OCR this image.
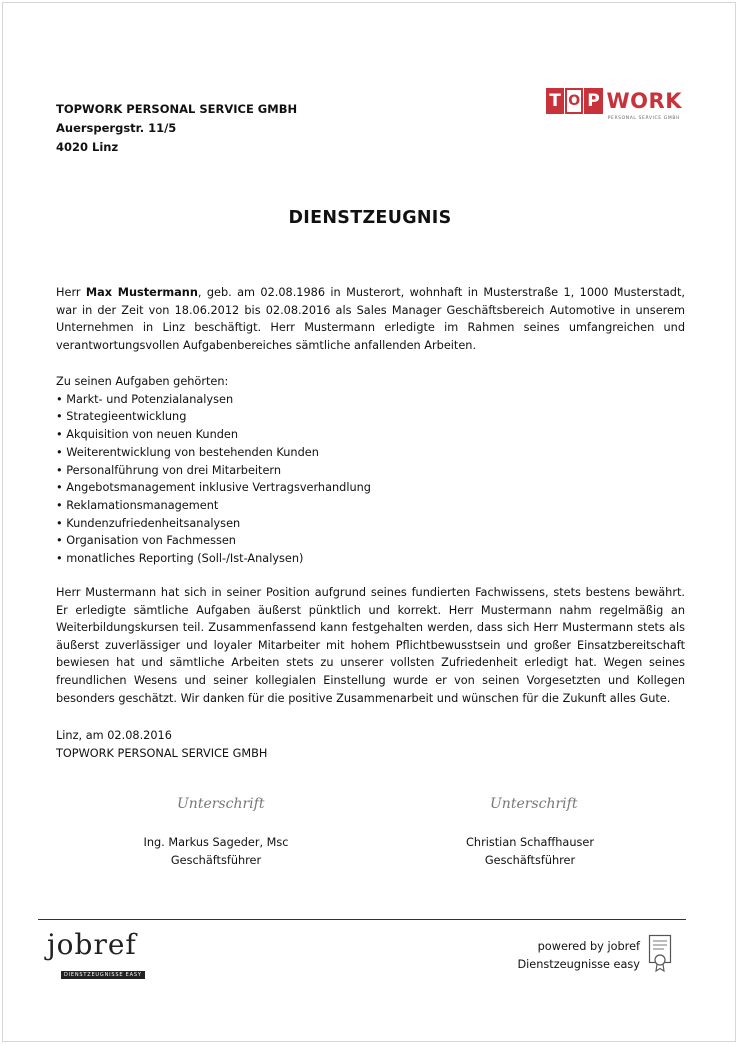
TOPWORK PERSONAL SERVICE GMBH
Auerspergstr. 11/5
4020 Linz
T O P WORK
PERSONAL SERVICE GMBH
DIENSTZEUGNIS

Herr Max Mustermann, geb. am 02.08.1986 in Musterort, wohnhaft in Musterstraße 1, 1000 Musterstadt, war in der Zeit von 18.06.2012 bis 02.08.2016 als Sales Manager Geschäftsbereich Automotive in unserem Unternehmen in Linz beschäftigt. Herr Mustermann erledigte im Rahmen seines umfangreichen und verantwortungsvollen Aufgabenbereiches sämtliche anfallenden Arbeiten.

Zu seinen Aufgaben gehörten:
• Markt- und Potenzialanalysen
• Strategieentwicklung
• Akquisition von neuen Kunden
• Weiterentwicklung von bestehenden Kunden
• Personalführung von drei Mitarbeitern
• Angebotsmanagement inklusive Vertragsverhandlung
• Reklamationsmanagement
• Kundenzufriedenheitsanalysen
• Organisation von Fachmessen
• monatliches Reporting (Soll-/Ist-Analysen)

Herr Mustermann hat sich in seiner Position aufgrund seines fundierten Fachwissens, stets bestens bewährt. Er erledigte sämtliche Aufgaben äußerst pünktlich und korrekt. Herr Mustermann nahm regelmäßig an Weiterbildungskursen teil. Zusammenfassend kann festgehalten werden, dass sich Herr Mustermann stets als äußerst zuverlässiger und loyaler Mitarbeiter mit hohem Pflichtbewusstsein und großer Einsatzbereitschaft bewiesen hat und sämtliche Arbeiten stets zu unserer vollsten Zufriedenheit erledigt hat. Wegen seines freundlichen Wesens und seiner kollegialen Einstellung wurde er von seinen Vorgesetzten und Kollegen besonders geschätzt. Wir danken für die positive Zusammenarbeit und wünschen für die Zukunft alles Gute.

Linz, am 02.08.2016
TOPWORK PERSONAL SERVICE GMBH
Unterschrift
Ing. Markus Sageder, Msc
Geschäftsführer
Unterschrift
Christian Schaffhauser
Geschäftsführer
jobref
DIENSTZEUGNISSE EASY
powered by jobref
Dienstzeugnisse easy
